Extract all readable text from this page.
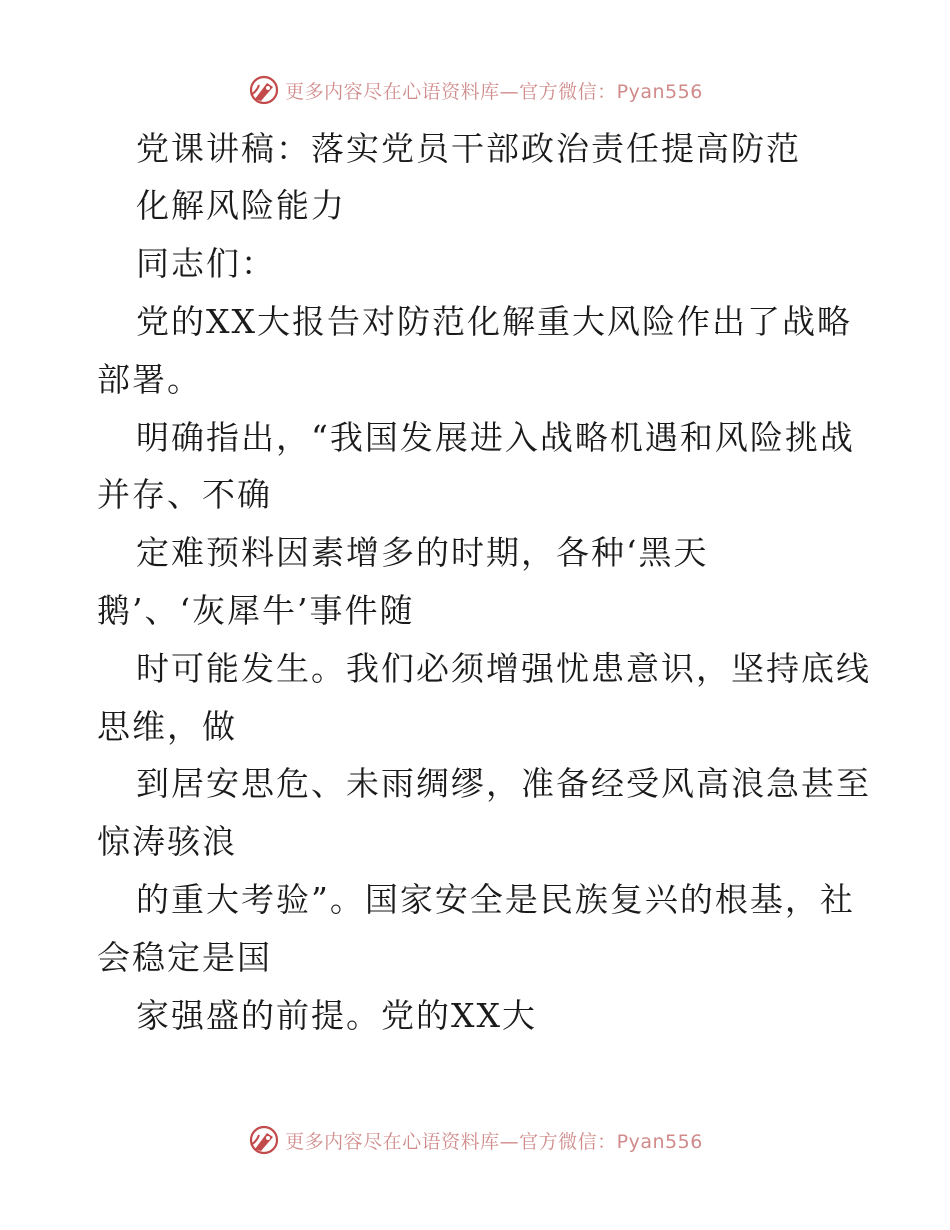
更多内容尽在心语资料库—官方微信：Pyan556
党课讲稿：落实党员干部政治责任提高防范
化解风险能力
同志们：
党的XX大报告对防范化解重大风险作出了战略
部署。
明确指出，“我国发展进入战略机遇和风险挑战
并存、不确
定难预料因素增多的时期，各种‘黑天
鹅’、‘灰犀牛’事件随
时可能发生。我们必须增强忧患意识，坚持底线
思维，做
到居安思危、未雨绸缪，准备经受风高浪急甚至
惊涛骇浪
的重大考验”。国家安全是民族复兴的根基，社
会稳定是国
家强盛的前提。党的XX大
更多内容尽在心语资料库—官方微信：Pyan556
